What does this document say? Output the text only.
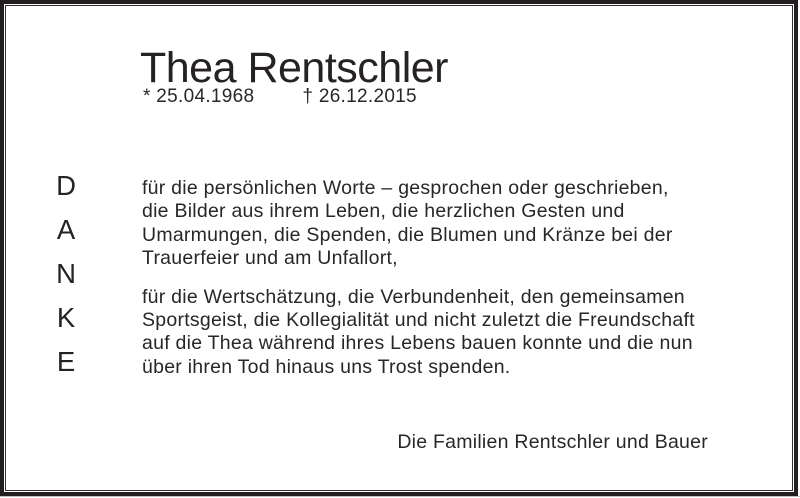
Thea Rentschler
* 25.04.1968	† 26.12.2015
D
A
N
K
E
für die persönlichen Worte – gesprochen oder geschrieben,
die Bilder aus ihrem Leben, die herzlichen Gesten und
Umarmungen, die Spenden, die Blumen und Kränze bei der
Trauerfeier und am Unfallort,
für die Wertschätzung, die Verbundenheit, den gemeinsamen
Sportsgeist, die Kollegialität und nicht zuletzt die Freundschaft
auf die Thea während ihres Lebens bauen konnte und die nun
über ihren Tod hinaus uns Trost spenden.
Die Familien Rentschler und Bauer
